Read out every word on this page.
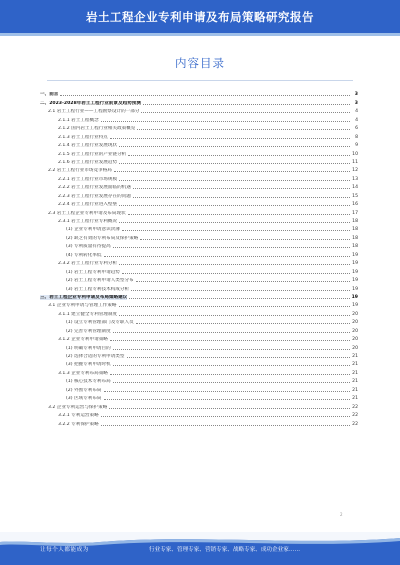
岩土工程企业专利申请及布局策略研究报告
内容目录
一、前言	3
二、2023-2028年岩土工程行业前景及趋势预测	3
2.1 岩土工程行业——工程勘察设计的一部分	4
2.1.1 岩土工程概念	4
2.1.2 国内岩土工程行业相关政策概览	6
2.1.3 岩土工程行业特点	8
2.1.4 岩土工程行业发展现状	9
2.1.5 岩土工程行业的产业链分析	10
2.1.6 岩土工程行业发展趋势	11
2.2 岩土工程行业市场竞争格局	12
2.2.1 岩土工程行业市场规模	13
2.2.2 岩土工程行业发展面临的机遇	14
2.2.3 岩土工程行业发展存在的问题	15
2.2.4 岩土工程行业进入壁垒	16
2.3 岩土工程企业专利申请及布局现状	17
2.3.1 岩土工程行业专利概况	18
(1) 企业专利申请意识淡薄	18
(2) 缺乏有效的专利布局及保护策略	18
(3) 专利质量有待提高	18
(4) 专利转化率低	19
2.3.2 岩土工程行业专利分析	19
(1) 岩土工程专利申请趋势	19
(2) 岩土工程专利申请人类型分布	19
(3) 岩土工程专利技术构成分析	19
三、岩土工程企业专利申请及布局策略建议	19
3.1 企业专利申请与管理工作策略	19
3.1.1 建立健全专利管理制度	20
(1) 设立专利管理部门及专职人员	20
(2) 完善专利管理制度	20
3.1.2 企业专利申请策略	20
(1) 明确专利申请目的	20
(2) 选择合适的专利申请类型	21
(3) 把握专利申请时机	21
3.1.3 企业专利布局策略	21
(1) 核心技术专利布局	21
(2) 外围专利布局	21
(3) 区域专利布局	21
3.2 企业专利运营与保护策略	22
3.2.1 专利运营策略	22
3.2.2 专利保护策略	22
2
让每个人都能成为	行业专家、管理专家、营销专家、战略专家、成功企业家……
